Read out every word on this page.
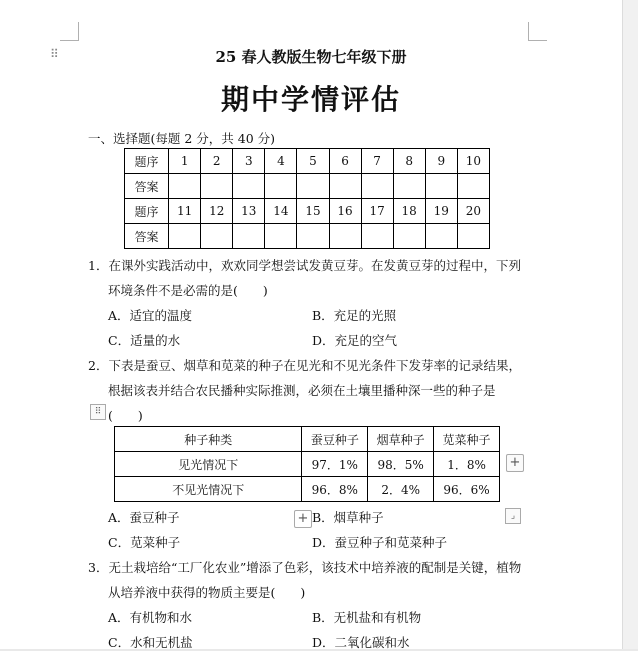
⠿	25 春人教版生物七年级下册
期中学情评估
一、选择题(每题 2 分，共 40 分)
题序	1	2	3	4	5	6	7	8	9	10
答案										
题序	11	12	13	14	15	16	17	18	19	20
答案										
1．在课外实践活动中，欢欢同学想尝试发黄豆芽。在发黄豆芽的过程中，下列
环境条件不是必需的是(　　)
A．适宜的温度	B．充足的光照
C．适量的水	D．充足的空气
2．下表是蚕豆、烟草和苋菜的种子在见光和不见光条件下发芽率的记录结果，
根据该表并结合农民播种实际推测，必须在土壤里播种深一些的种子是
⠿ (　　)
种子种类	蚕豆种子	烟草种子	苋菜种子
见光情况下	97．1%	98．5%	1．8%
不见光情况下	96．8%	2．4%	96．6%
+
⌟
A．蚕豆种子	B．烟草种子
+
C．苋菜种子	D．蚕豆种子和苋菜种子
3．无土栽培给“工厂化农业”增添了色彩，该技术中培养液的配制是关键，植物
从培养液中获得的物质主要是(　　)
A．有机物和水	B．无机盐和有机物
C．水和无机盐	D．二氧化碳和水
